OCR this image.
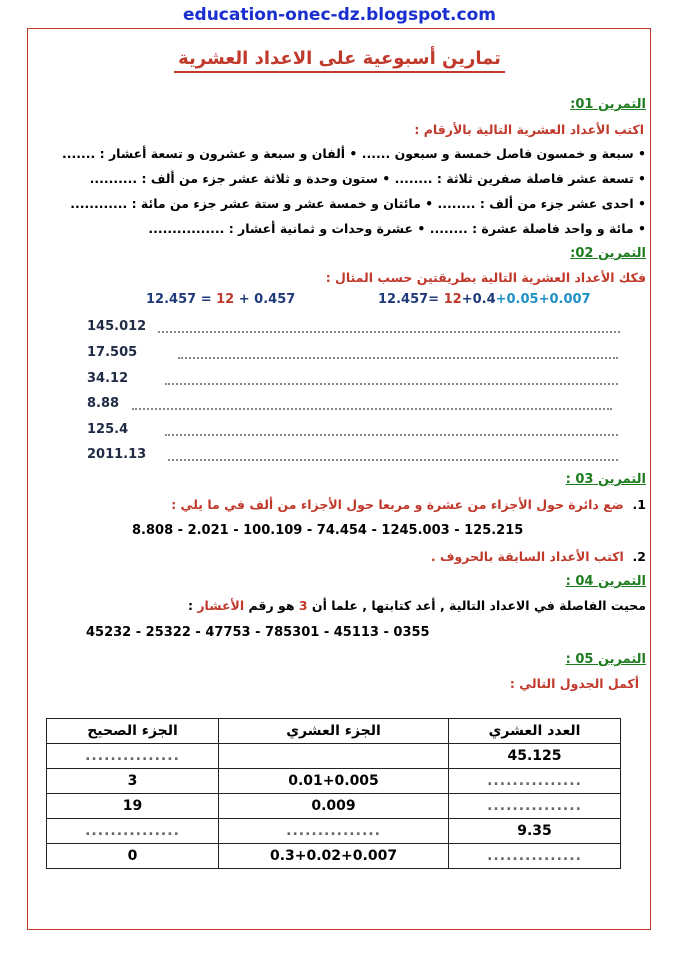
education-onec-dz.blogspot.com
تمارين أسبوعية على الاعداد العشرية
التمرين 01:
اكتب الأعداد العشرية التالية بالأرقام :
• سبعة و خمسون فاصل خمسة و سبعون ...... • ألفان و سبعة و عشرون و تسعة أعشار : .......
• تسعة عشر فاصلة صفرين ثلاثة : ........ • ستون وحدة و ثلاثة عشر جزء من ألف : ..........
• احدى عشر جزء من ألف : ........ • مائتان و خمسة عشر و ستة عشر جزء من مائة : ............
• مائة و واحد فاصلة عشرة : ........ • عشرة وحدات و ثمانية أعشار : ................
التمرين 02:
فكك الأعداد العشرية التالية بطريقتين حسب المثال :
12.457 = 12 + 0.457	12.457= 12+0.4+0.05+0.007
145.012
17.505
34.12
8.88
125.4
2011.13
التمرين 03 :
1.  ضع دائرة حول الأجزاء من عشرة و مربعا حول الأجزاء من ألف في ما يلي :
8.808 - 2.021 - 100.109 - 74.454 - 1245.003 - 125.215
2.  اكتب الأعداد السابقة بالحروف .
التمرين 04 :
محيت الفاصلة في الاعداد التالية , أعد كتابتها , علما أن 3 هو رقم الأعشار :
45232 - 25322 - 47753 - 785301 - 45113 - 0355
التمرين 05 :
أكمل الجدول التالي :
العدد العشري	الجزء العشري	الجزء الصحيح
45.125		...............
...............	0.01+0.005	3
...............	0.009	19
9.35	...............	...............
...............	0.3+0.02+0.007	0
